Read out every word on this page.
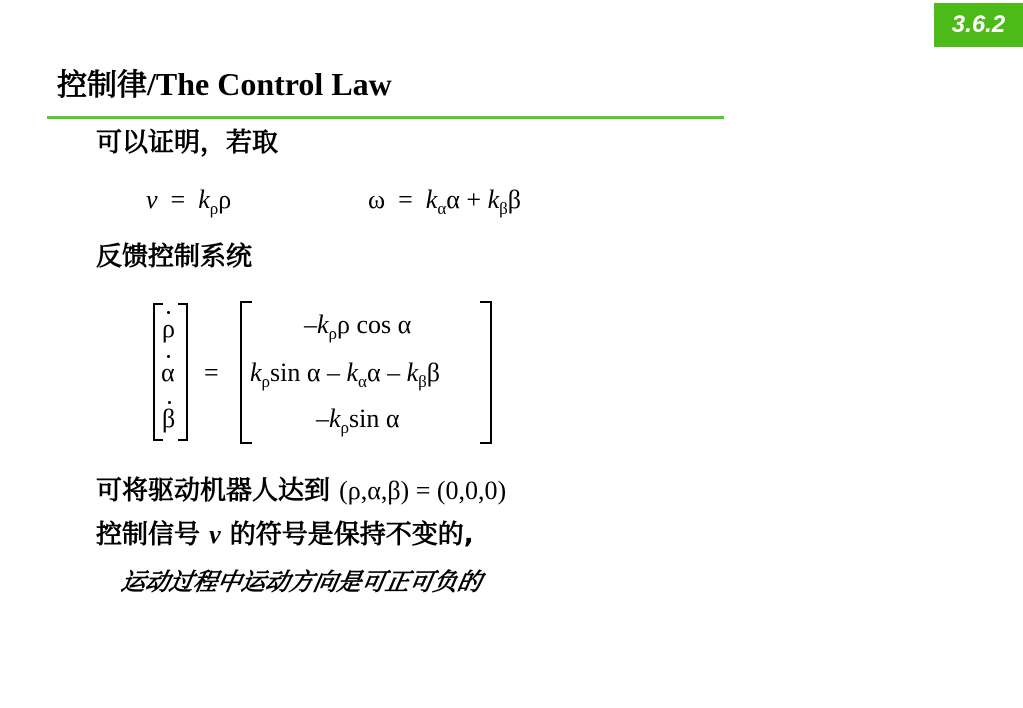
3.6.2
控制律/The Control Law
可以证明，若取
$v = k_\rho\rho$	$\omega = k_\alpha\alpha + k_\beta\beta$
反馈控制系统
ρ
α
β
=
$-k_\rho\rho$ cos α
$k_\rho\sin$ α – $k_\alpha\alpha - k_\beta\beta$
$-k_\rho\sin$ α
可将驱动机器人达到 (ρ,α,β) = (0,0,0)
控制信号 v 的符号是保持不变的,
运动过程中运动方向是可正可负的
